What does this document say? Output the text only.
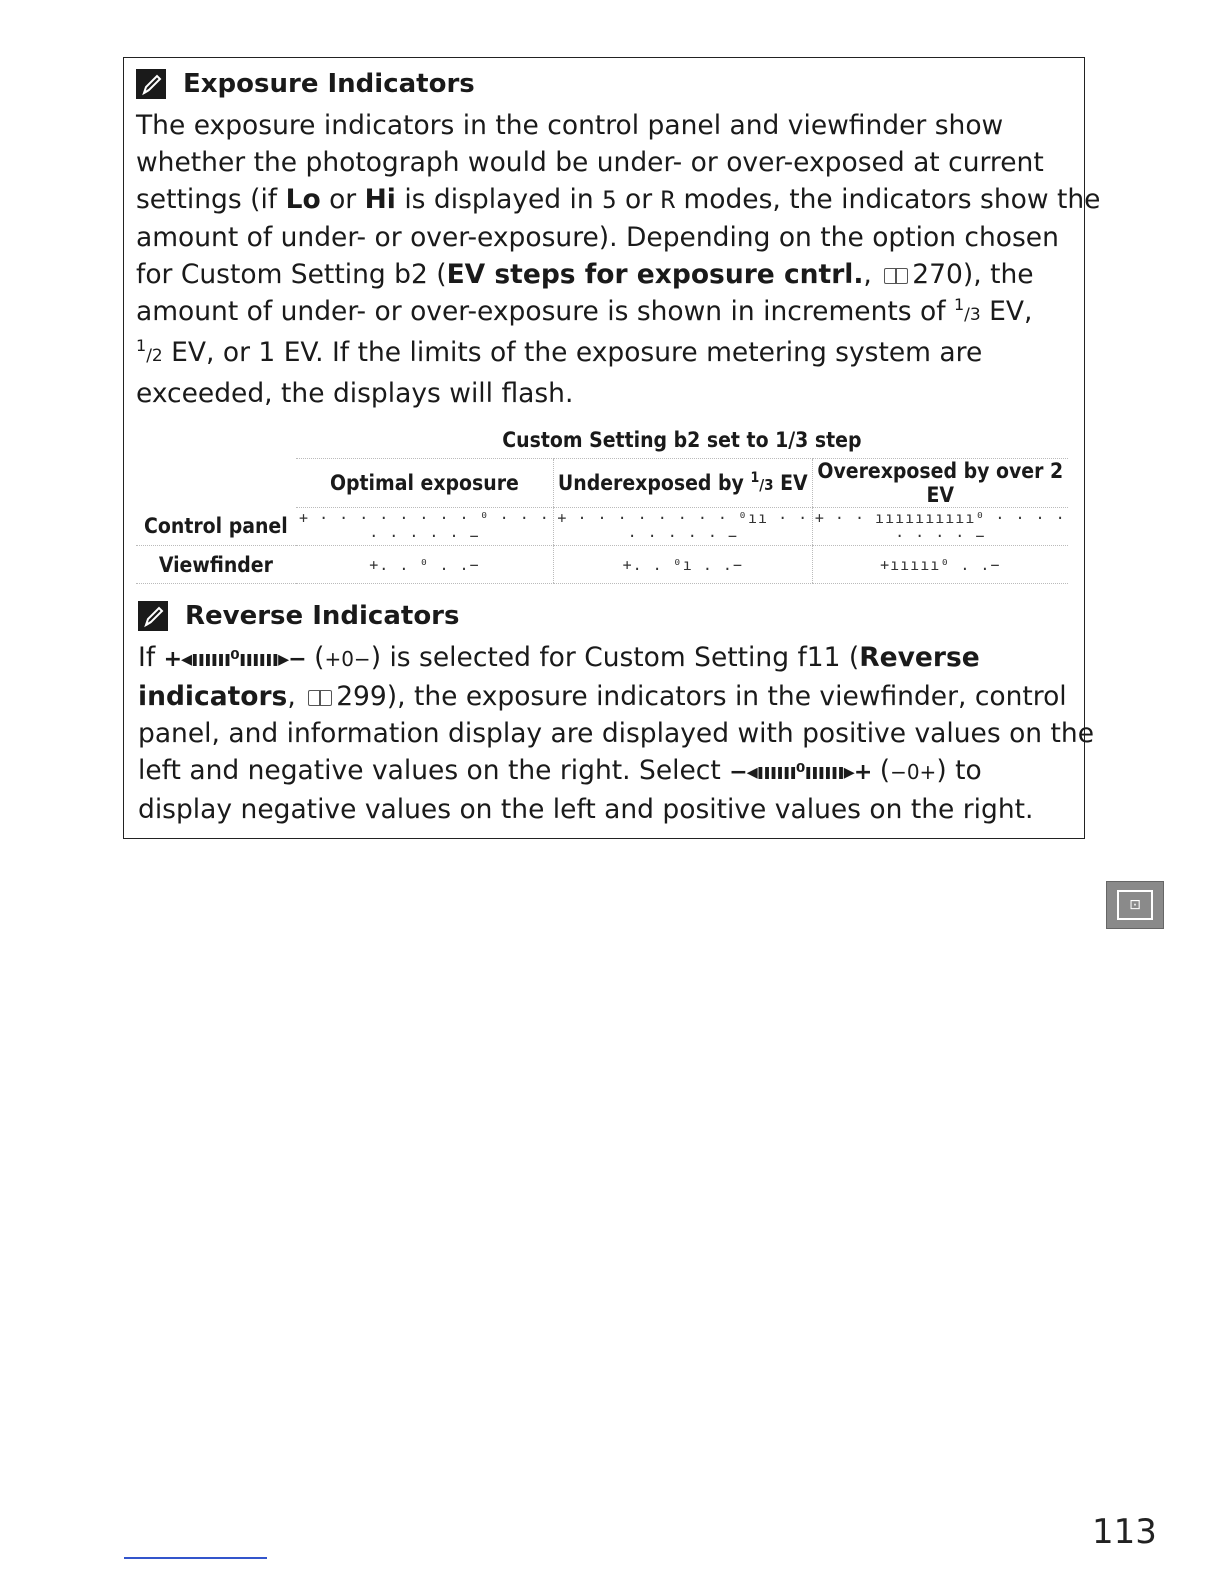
Exposure Indicators
The exposure indicators in the control panel and viewfinder show
whether the photograph would be under- or over-exposed at current
settings (if Lo or Hi is displayed in 5 or R modes, the indicators show the
amount of under- or over-exposure). Depending on the option chosen
for Custom Setting b2 (EV steps for exposure cntrl., 270), the
amount of under- or over-exposure is shown in increments of $^1$/3 EV,
$^1$/2 EV, or 1 EV. If the limits of the exposure metering system are
exceeded, the displays will flash.
	Custom Setting b2 set to 1/3 step		
	Optimal exposure	Underexposed by $^1$/3 EV	Overexposed by over 2 EV
Control panel	+ · · · · · · · · ⁰ · · · · · · · · −	+ · · · · · · · · ⁰ıı · · · · · · · −	+ · · ıııııııııı⁰ · · · · · · · · −
Viewfinder	+. . ⁰ . .−	+. . ⁰ı . .−	+ııııı⁰ . .−
Reverse Indicators
If +◂ıııııı⁰ıııııı▸− (+0−) is selected for Custom Setting f11 (Reverse
indicators, 299), the exposure indicators in the viewfinder, control
panel, and information display are displayed with positive values on the
left and negative values on the right. Select −◂ıııııı⁰ıııııı▸+ (−0+) to
display negative values on the left and positive values on the right.
⊡
113
